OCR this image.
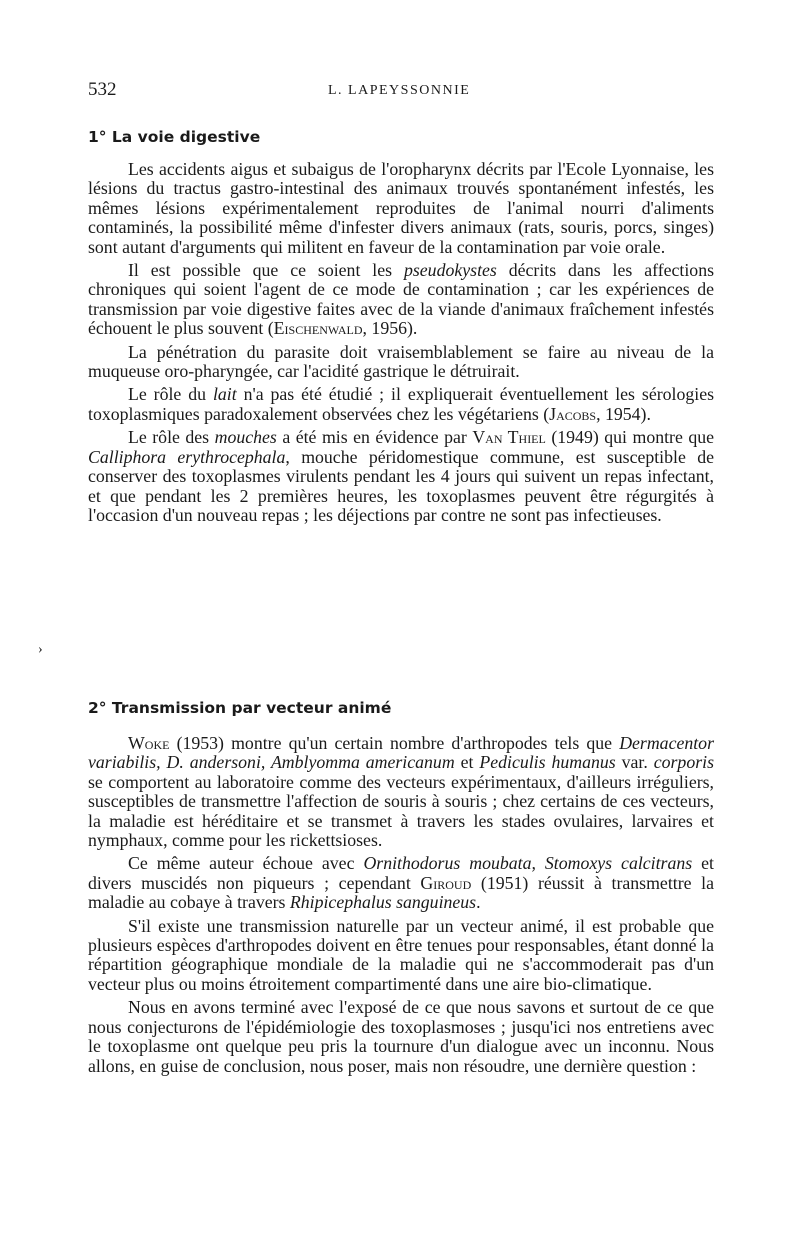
532	L. LAPEYSSONNIE
1° La voie digestive

Les accidents aigus et subaigus de l'oropharynx décrits par l'Ecole Lyonnaise, les lésions du tractus gastro-intestinal des animaux trouvés spontanément infestés, les mêmes lésions expérimentalement reproduites de l'animal nourri d'aliments contaminés, la possibilité même d'infester divers animaux (rats, souris, porcs, singes) sont autant d'arguments qui militent en faveur de la contamination par voie orale.

Il est possible que ce soient les pseudokystes décrits dans les affections chroniques qui soient l'agent de ce mode de contamination ; car les expériences de transmission par voie digestive faites avec de la viande d'animaux fraîchement infestés échouent le plus souvent (Eischenwald, 1956).

La pénétration du parasite doit vraisemblablement se faire au niveau de la muqueuse oro-pharyngée, car l'acidité gastrique le détruirait.

Le rôle du lait n'a pas été étudié ; il expliquerait éventuellement les sérologies toxoplasmiques paradoxalement observées chez les végétariens (Jacobs, 1954).

Le rôle des mouches a été mis en évidence par Van Thiel (1949) qui montre que Calliphora erythrocephala, mouche péridomestique commune, est susceptible de conserver des toxoplasmes virulents pendant les 4 jours qui suivent un repas infectant, et que pendant les 2 premières heures, les toxoplasmes peuvent être régurgités à l'occasion d'un nouveau repas ; les déjections par contre ne sont pas infectieuses.

2° Transmission par vecteur animé

Woke (1953) montre qu'un certain nombre d'arthropodes tels que Dermacentor variabilis, D. andersoni, Amblyomma americanum et Pediculis humanus var. corporis se comportent au laboratoire comme des vecteurs expérimentaux, d'ailleurs irréguliers, susceptibles de transmettre l'affection de souris à souris ; chez certains de ces vecteurs, la maladie est héréditaire et se transmet à travers les stades ovulaires, larvaires et nymphaux, comme pour les rickettsioses.

Ce même auteur échoue avec Ornithodorus moubata, Stomoxys calcitrans et divers muscidés non piqueurs ; cependant Giroud (1951) réussit à transmettre la maladie au cobaye à travers Rhipicephalus sanguineus.

S'il existe une transmission naturelle par un vecteur animé, il est probable que plusieurs espèces d'arthropodes doivent en être tenues pour responsables, étant donné la répartition géographique mondiale de la maladie qui ne s'accommoderait pas d'un vecteur plus ou moins étroitement compartimenté dans une aire bio-climatique.

Nous en avons terminé avec l'exposé de ce que nous savons et surtout de ce que nous conjecturons de l'épidémiologie des toxoplasmoses ; jusqu'ici nos entretiens avec le toxoplasme ont quelque peu pris la tournure d'un dialogue avec un inconnu. Nous allons, en guise de conclusion, nous poser, mais non résoudre, une dernière question :

›
